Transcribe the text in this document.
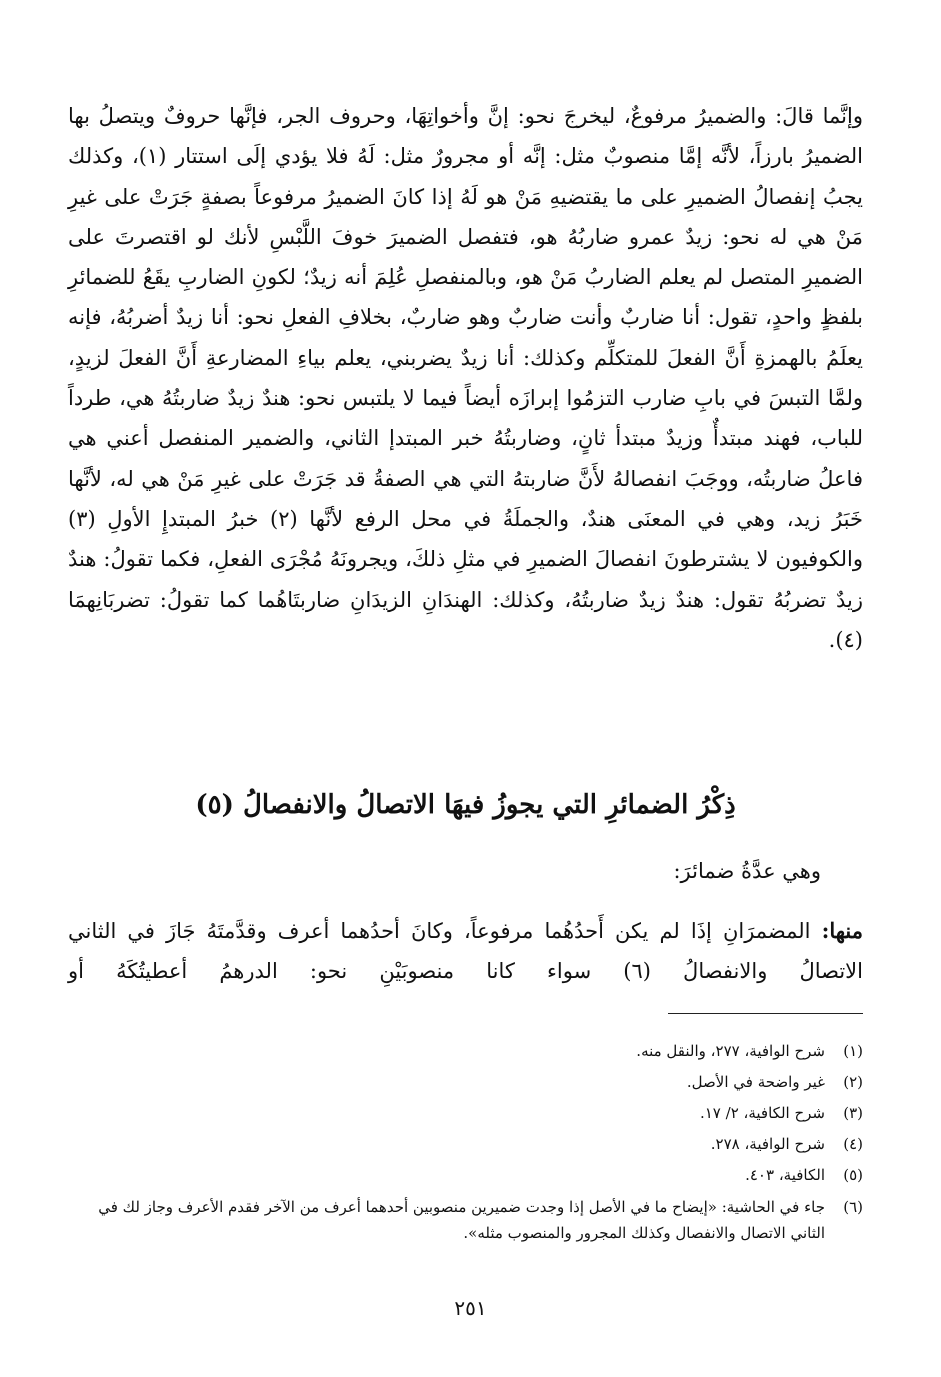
وإنَّما قالَ: والضميرُ مرفوعٌ، ليخرجَ نحو: إنَّ وأخواتِهَا، وحروف الجر، فإنَّها حروفٌ ويتصلُ بها الضميرُ بارزاً، لأنَّه إمَّا منصوبٌ مثل: إنَّه أو مجرورٌ مثل: لَهُ فلا يؤدي إلَى استتار (١)، وكذلك يجبُ إنفصالُ الضميرِ على ما يقتضيهِ مَنْ هو لَهُ إذا كانَ الضميرُ مرفوعاً بصفةٍ جَرَتْ على غيرِ مَنْ هي له نحو: زيدٌ عمرو ضاربُهُ هو، فتفصل الضميرَ خوفَ اللَّبْسِ لأنك لو اقتصرتَ على الضميرِ المتصل لم يعلم الضاربُ مَنْ هو، وبالمنفصلِ عُلِمَ أنه زيدٌ؛ لكونِ الضاربِ يقَعُ للضمائرِ بلفظٍ واحدٍ، تقول: أنا ضاربٌ وأنت ضاربٌ وهو ضاربٌ، بخلافِ الفعلِ نحو: أنا زيدٌ أضربُهُ، فإنه يعلَمُ بالهمزةِ أَنَّ الفعلَ للمتكلِّم وكذلك: أنا زيدٌ يضربني، يعلم بياءِ المضارعةِ أَنَّ الفعلَ لزيدٍ، ولمَّا التبسَ في بابِ ضارب التزمُوا إبرازَه أيضاً فيما لا يلتبس نحو: هندٌ زيدٌ ضاربتُهُ هي، طرداً للباب، فهند مبتدأٌ وزيدٌ مبتدأ ثانٍ، وضاربتُهُ خبر المبتدإ الثاني، والضمير المنفصل أعني هي فاعلُ ضاربتُه، ووجَبَ انفصالهُ لأَنَّ ضاربتهُ التي هي الصفةُ قد جَرَتْ على غيرِ مَنْ هي له، لأنَّها خَبَرُ زيد، وهي في المعنَى هندٌ، والجملَةُ في محل الرفع لأنَّها (٢) خبرُ المبتدإِ الأولِ (٣) والكوفيون لا يشترطونَ انفصالَ الضميرِ في مثلِ ذلكَ، ويجرونَهُ مُجْرَى الفعلِ، فكما تقولُ: هندٌ زيدٌ تضربُهُ تقول: هندٌ زيدٌ ضاربتُهُ، وكذلك: الهندَانِ الزيدَانِ ضاربتَاهُما كما تقولُ: تضربَانِهمَا (٤).

ذِكْرُ الضمائرِ التي يجوزُ فيهَا الاتصالُ والانفصالُ (٥)
وهي عدَّةُ ضمائرَ:
منها: المضمرَانِ إذَا لم يكن أَحدُهُما مرفوعاً، وكانَ أحدُهما أعرف وقدَّمتَهُ جَازَ في الثاني الاتصالُ والانفصالُ (٦) سواء كانا منصوبَيْنِ نحو: الدرهمُ أعطيتُكَهُ أو
(١)
شرح الوافية، ٢٧٧، والنقل منه.
(٢)
غير واضحة في الأصل.
(٣)
شرح الكافية، ٢/ ١٧.
(٤)
شرح الوافية، ٢٧٨.
(٥)
الكافية، ٤٠٣.
(٦)
جاء في الحاشية: «إيضاح ما في الأصل إذا وجدت ضميرين منصوبين أحدهما أعرف من الآخر فقدم الأعرف وجاز لك في الثاني الاتصال والانفصال وكذلك المجرور والمنصوب مثله».
٢٥١
